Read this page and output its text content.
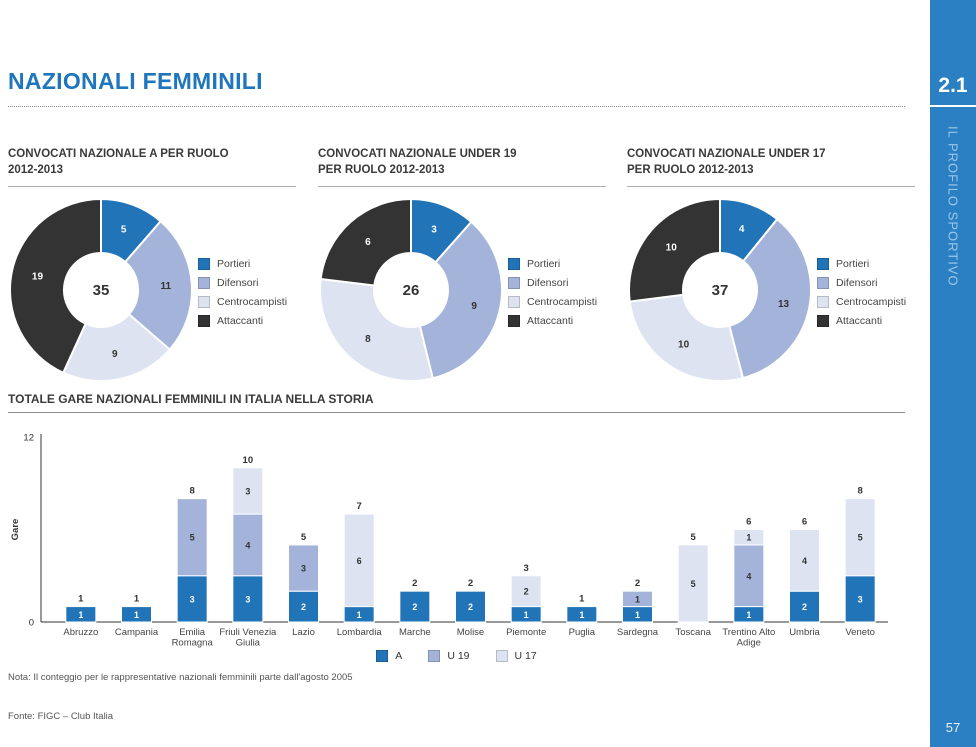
NAZIONALI FEMMINILI
CONVOCATI NAZIONALE A PER RUOLO
2012-2013
5
11
9
19
35
Portieri
Difensori
Centrocampisti
Attaccanti
CONVOCATI NAZIONALE UNDER 19
PER RUOLO 2012-2013
3
9
8
6
26
Portieri
Difensori
Centrocampisti
Attaccanti
CONVOCATI NAZIONALE UNDER 17
PER RUOLO 2012-2013
4
13
10
10
37
Portieri
Difensori
Centrocampisti
Attaccanti
TOTALE GARE NAZIONALI FEMMINILI IN ITALIA NELLA STORIA
0
12
Gare
1
1
Abruzzo
1
1
Campania
3
5
8
Emilia
Romagna
3
4
3
10
Friuli Venezia
Giulia
2
3
5
Lazio
1
6
7
Lombardia
2
2
Marche
2
2
Molise
1
2
3
Piemonte
1
1
Puglia
1
1
2
Sardegna
5
5
Toscana
1
4
1
6
Trentino Alto
Adige
2
4
6
Umbria
3
5
8
Veneto
A	U 19	U 17
Nota: Il conteggio per le rappresentative nazionali femminili parte dall'agosto 2005
Fonte: FIGC – Club Italia
2.1
IL PROFILO SPORTIVO
57
